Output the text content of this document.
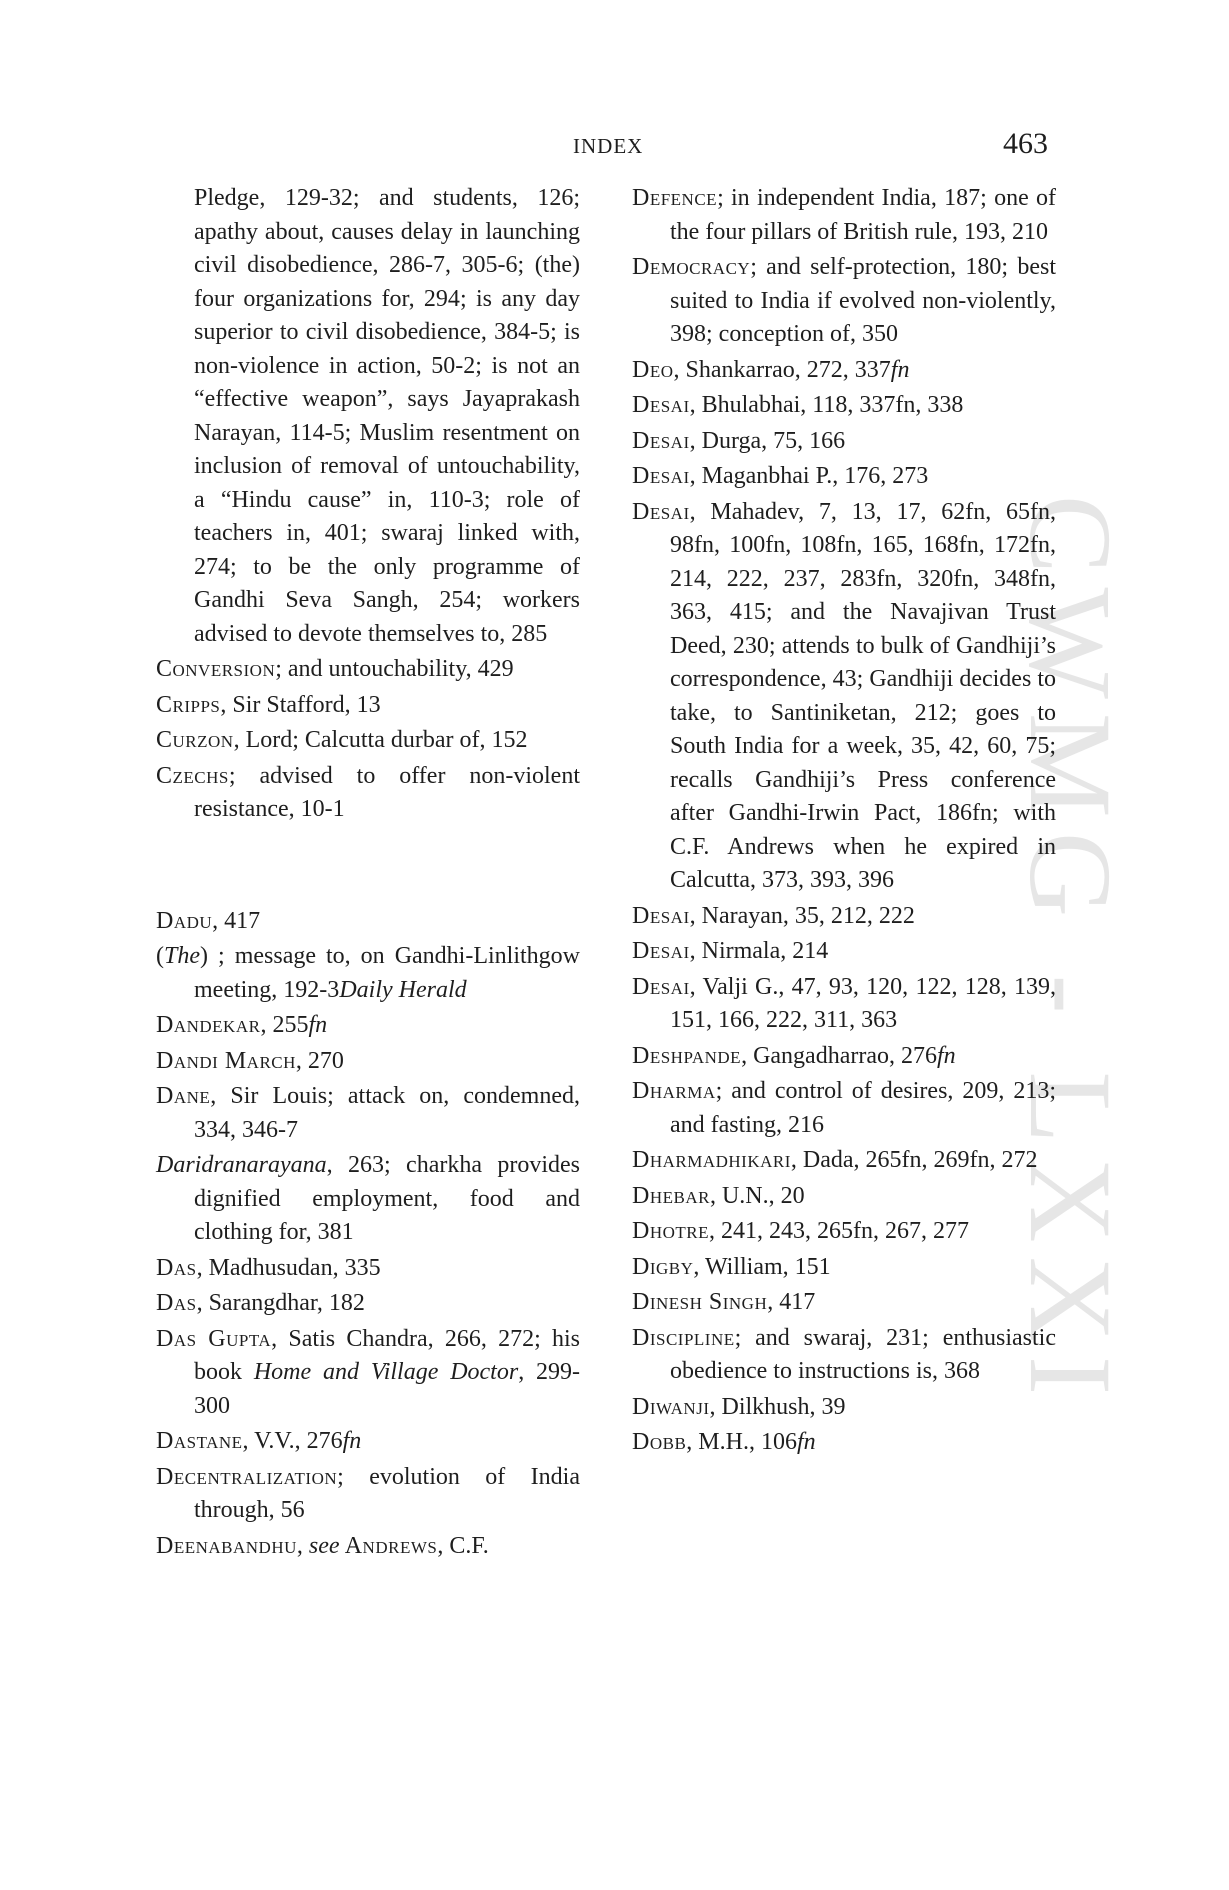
INDEX	463
CWMG - LXXI

Pledge, 129-32; and students, 126; apathy about, causes delay in launching civil disobedience, 286-7, 305-6; (the) four organizations for, 294; is any day superior to civil disobedience, 384-5; is non-violence in action, 50-2; is not an “effective weapon”, says Jayaprakash Narayan, 114-5; Muslim resentment on inclusion of removal of untouchability, a “Hindu cause” in, 110-3; role of teachers in, 401; swaraj linked with, 274; to be the only programme of Gandhi Seva Sangh, 254; workers advised to devote themselves to, 285

Conversion; and untouchability, 429

Cripps, Sir Stafford, 13

Curzon, Lord; Calcutta durbar of, 152

Czechs; advised to offer non-violent resistance, 10-1

Dadu, 417

(The) ; message to, on Gandhi-Linlithgow meeting, 192-3Daily Herald

Dandekar, 255fn

Dandi March, 270

Dane, Sir Louis; attack on, condemned, 334, 346-7

Daridranarayana, 263; charkha provides dignified employment, food and clothing for, 381

Das, Madhusudan, 335

Das, Sarangdhar, 182

Das Gupta, Satis Chandra, 266, 272; his book Home and Village Doctor, 299-300

Dastane, V.V., 276fn

Decentralization; evolution of India through, 56

Deenabandhu, see Andrews, C.F.

Defence; in independent India, 187; one of the four pillars of British rule, 193, 210

Democracy; and self-protection, 180; best suited to India if evolved non-violently, 398; conception of, 350

Deo, Shankarrao, 272, 337fn

Desai, Bhulabhai, 118, 337fn, 338

Desai, Durga, 75, 166

Desai, Maganbhai P., 176, 273

Desai, Mahadev, 7, 13, 17, 62fn, 65fn, 98fn, 100fn, 108fn, 165, 168fn, 172fn, 214, 222, 237, 283fn, 320fn, 348fn, 363, 415; and the Navajivan Trust Deed, 230; attends to bulk of Gandhiji’s correspondence, 43; Gandhiji decides to take, to Santiniketan, 212; goes to South India for a week, 35, 42, 60, 75; recalls Gandhiji’s Press conference after Gandhi-Irwin Pact, 186fn; with C.F. Andrews when he expired in Calcutta, 373, 393, 396

Desai, Narayan, 35, 212, 222

Desai, Nirmala, 214

Desai, Valji G., 47, 93, 120, 122, 128, 139, 151, 166, 222, 311, 363

Deshpande, Gangadharrao, 276fn

Dharma; and control of desires, 209, 213; and fasting, 216

Dharmadhikari, Dada, 265fn, 269fn, 272

Dhebar, U.N., 20

Dhotre, 241, 243, 265fn, 267, 277

Digby, William, 151

Dinesh Singh, 417

Discipline; and swaraj, 231; enthusiastic obedience to instructions is, 368

Diwanji, Dilkhush, 39

Dobb, M.H., 106fn
